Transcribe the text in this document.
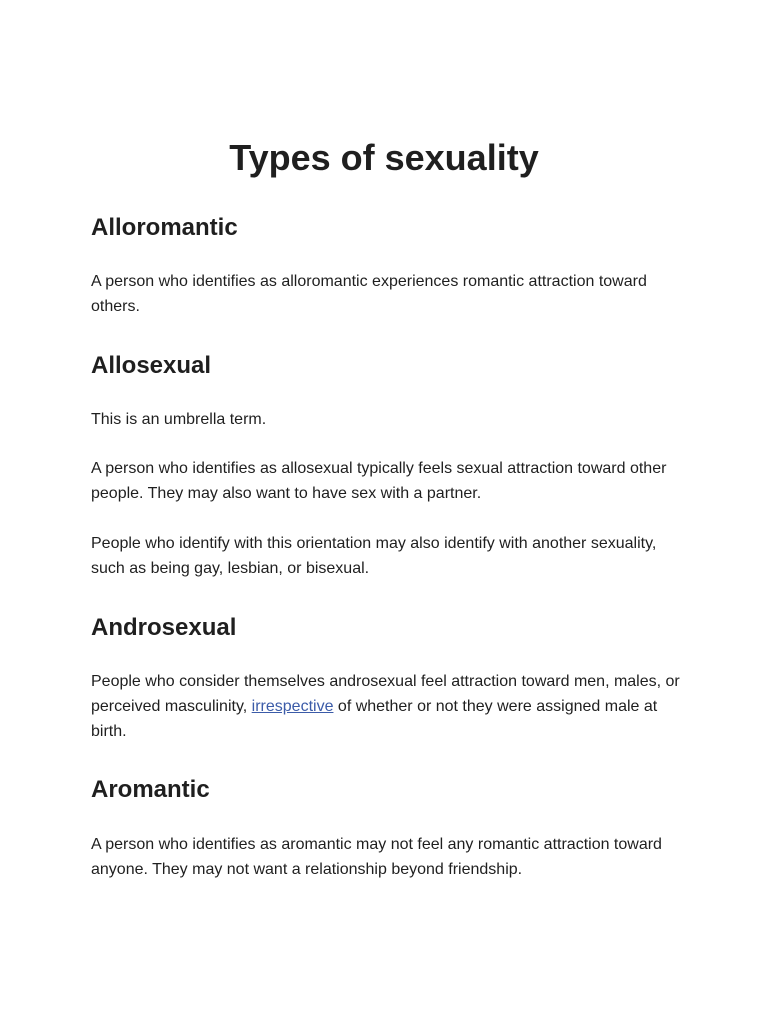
Types of sexuality
Alloromantic

A person who identifies as alloromantic experiences romantic attraction toward others.

Allosexual

This is an umbrella term.

A person who identifies as allosexual typically feels sexual attraction toward other people. They may also want to have sex with a partner.

People who identify with this orientation may also identify with another sexuality, such as being gay, lesbian, or bisexual.

Androsexual

People who consider themselves androsexual feel attraction toward men, males, or perceived masculinity, irrespective of whether or not they were assigned male at birth.

Aromantic

A person who identifies as aromantic may not feel any romantic attraction toward anyone. They may not want a relationship beyond friendship.
